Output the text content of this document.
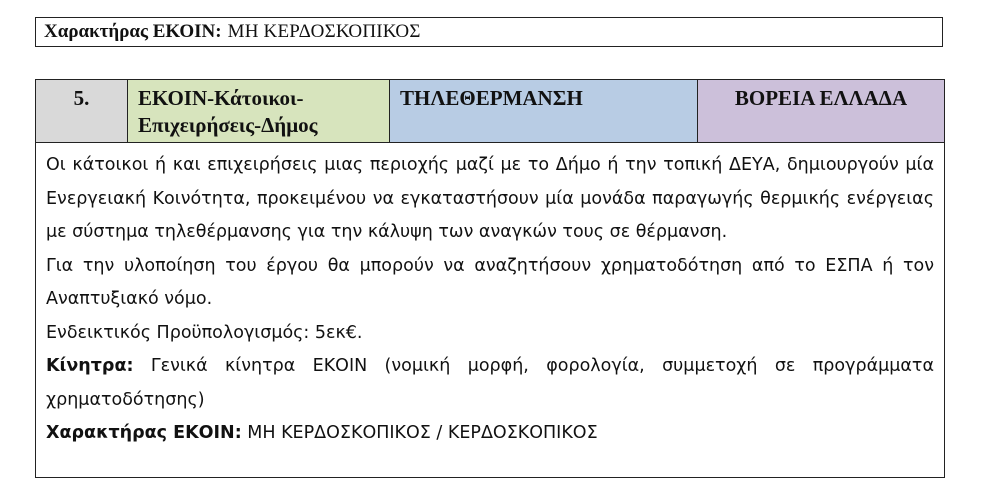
Χαρακτήρας ΕΚΟΙΝ: ΜΗ ΚΕΡΔΟΣΚΟΠΙΚΟΣ
5.	ΕΚΟΙΝ-Κάτοικοι-Επιχειρήσεις-Δήμος
ΤΗΛΕΘΕΡΜΑΝΣΗ	ΒΟΡΕΙΑ ΕΛΛΑΔΑ

Οι κάτοικοι ή και επιχειρήσεις μιας περιοχής μαζί με το Δήμο ή την τοπική ΔΕΥΑ, δημιουργούν μία Ενεργειακή Κοινότητα, προκειμένου να εγκαταστήσουν μία μονάδα παραγωγής θερμικής ενέργειας με σύστημα τηλεθέρμανσης για την κάλυψη των αναγκών τους σε θέρμανση.

Για την υλοποίηση του έργου θα μπορούν να αναζητήσουν χρηματοδότηση από το ΕΣΠΑ ή τον Αναπτυξιακό νόμο.

Ενδεικτικός Προϋπολογισμός: 5εκ€.

Κίνητρα: Γενικά κίνητρα ΕΚΟΙΝ (νομική μορφή, φορολογία, συμμετοχή σε προγράμματα χρηματοδότησης)

Χαρακτήρας ΕΚΟΙΝ: ΜΗ ΚΕΡΔΟΣΚΟΠΙΚΟΣ / ΚΕΡΔΟΣΚΟΠΙΚΟΣ
